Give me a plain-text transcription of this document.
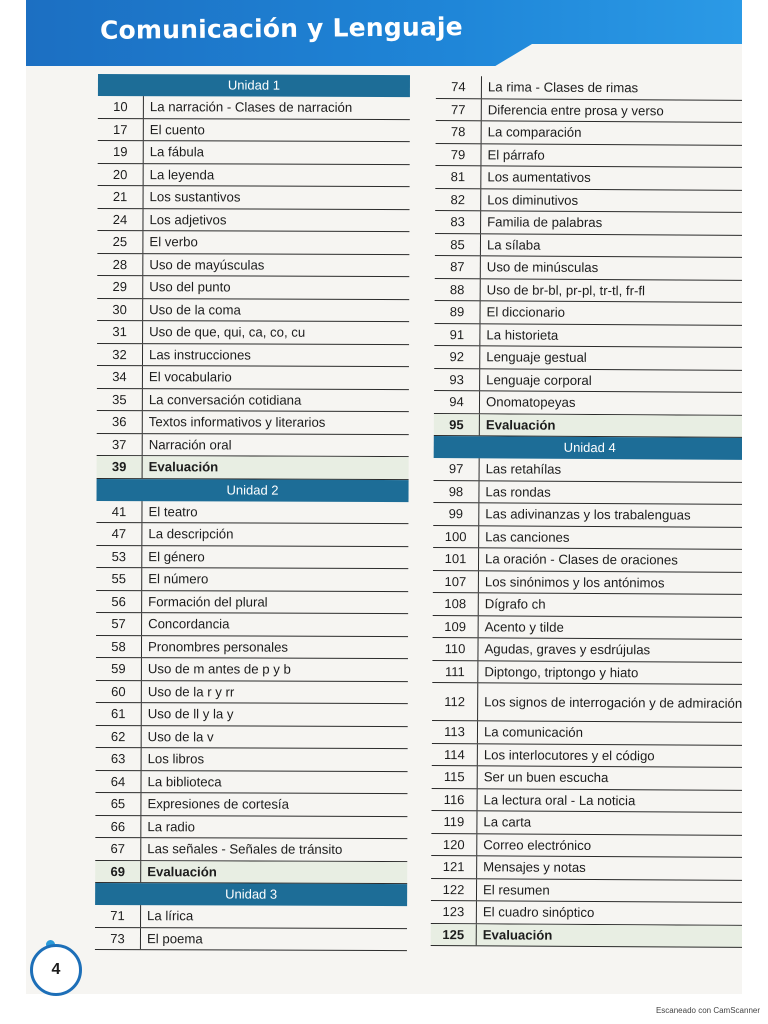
Comunicación y Lenguaje
Unidad 1
10	La narración - Clases de narración
17	El cuento
19	La fábula
20	La leyenda
21	Los sustantivos
24	Los adjetivos
25	El verbo
28	Uso de mayúsculas
29	Uso del punto
30	Uso de la coma
31	Uso de que, qui, ca, co, cu
32	Las instrucciones
34	El vocabulario
35	La conversación cotidiana
36	Textos informativos y literarios
37	Narración oral
39	Evaluación
Unidad 2
41	El teatro
47	La descripción
53	El género
55	El número
56	Formación del plural
57	Concordancia
58	Pronombres personales
59	Uso de m antes de p y b
60	Uso de la r y rr
61	Uso de ll y la y
62	Uso de la v
63	Los libros
64	La biblioteca
65	Expresiones de cortesía
66	La radio
67	Las señales - Señales de tránsito
69	Evaluación
Unidad 3
71	La lírica
73	El poema
74	La rima - Clases de rimas
77	Diferencia entre prosa y verso
78	La comparación
79	El párrafo
81	Los aumentativos
82	Los diminutivos
83	Familia de palabras
85	La sílaba
87	Uso de minúsculas
88	Uso de br-bl, pr-pl, tr-tl, fr-fl
89	El diccionario
91	La historieta
92	Lenguaje gestual
93	Lenguaje corporal
94	Onomatopeyas
95	Evaluación
Unidad 4
97	Las retahílas
98	Las rondas
99	Las adivinanzas y los trabalenguas
100	Las canciones
101	La oración - Clases de oraciones
107	Los sinónimos y los antónimos
108	Dígrafo ch
109	Acento y tilde
110	Agudas, graves y esdrújulas
111	Diptongo, triptongo y hiato
112	Los signos de interrogación y de admiración
113	La comunicación
114	Los interlocutores y el código
115	Ser un buen escucha
116	La lectura oral - La noticia
119	La carta
120	Correo electrónico
121	Mensajes y notas
122	El resumen
123	El cuadro sinóptico
125	Evaluación
4
Escaneado con CamScanner
